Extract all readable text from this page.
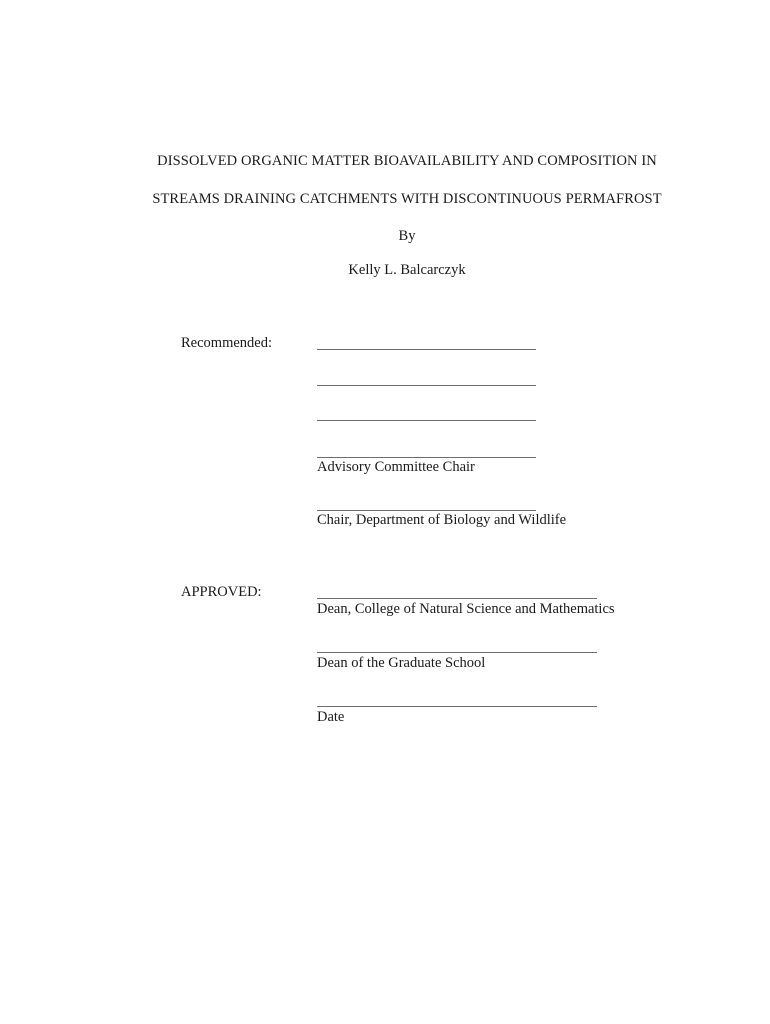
DISSOLVED ORGANIC MATTER BIOAVAILABILITY AND COMPOSITION IN
STREAMS DRAINING CATCHMENTS WITH DISCONTINUOUS PERMAFROST
By
Kelly L. Balcarczyk
Recommended:
Advisory Committee Chair
Chair, Department of Biology and Wildlife
APPROVED:
Dean, College of Natural Science and Mathematics
Dean of the Graduate School
Date
